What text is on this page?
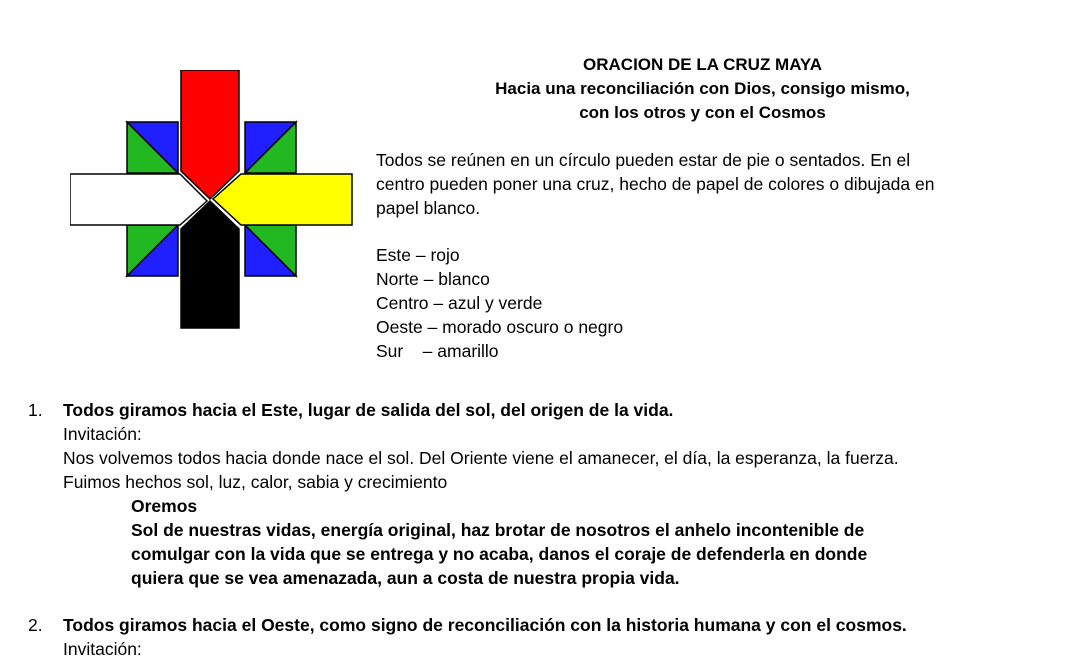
ORACION DE LA CRUZ MAYA
Hacia una reconciliación con Dios, consigo mismo,
con los otros y con el Cosmos

Todos se reúnen en un círculo pueden estar de pie o sentados. En el

centro pueden poner una cruz, hecho de papel de colores o dibujada en

papel blanco.

Este – rojo
Norte – blanco
Centro – azul y verde
Oeste – morado oscuro o negro
Sur    – amarillo
1.	Todos giramos hacia el Este, lugar de salida del sol, del origen de la vida.
Invitación:
Nos volvemos todos hacia donde nace el sol. Del Oriente viene el amanecer, el día, la esperanza, la fuerza.
Fuimos hechos sol, luz, calor, sabia y crecimiento
Oremos
Sol de nuestras vidas, energía original, haz brotar de nosotros el anhelo incontenible de
comulgar con la vida que se entrega y no acaba, danos el coraje de defenderla en donde
quiera que se vea amenazada, aun a costa de nuestra propia vida.
2.	Todos giramos hacia el Oeste, como signo de reconciliación con la historia humana y con el cosmos.
Invitación:
